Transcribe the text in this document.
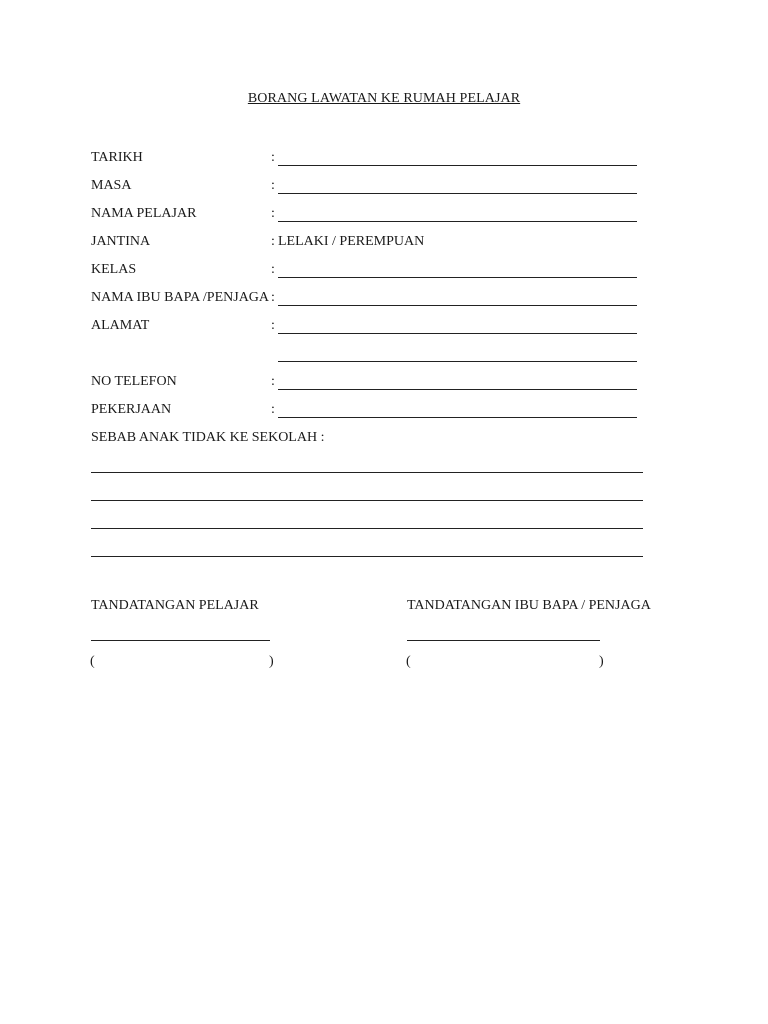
BORANG LAWATAN KE RUMAH PELAJAR
TARIKH	:
MASA	:
NAMA PELAJAR	:
JANTINA	: LELAKI / PEREMPUAN
KELAS	:
NAMA IBU BAPA /PENJAGA :
ALAMAT	:
NO TELEFON	:
PEKERJAAN	:
SEBAB ANAK TIDAK KE SEKOLAH :
TANDATANGAN PELAJAR
(	)
TANDATANGAN IBU BAPA / PENJAGA
(	)
